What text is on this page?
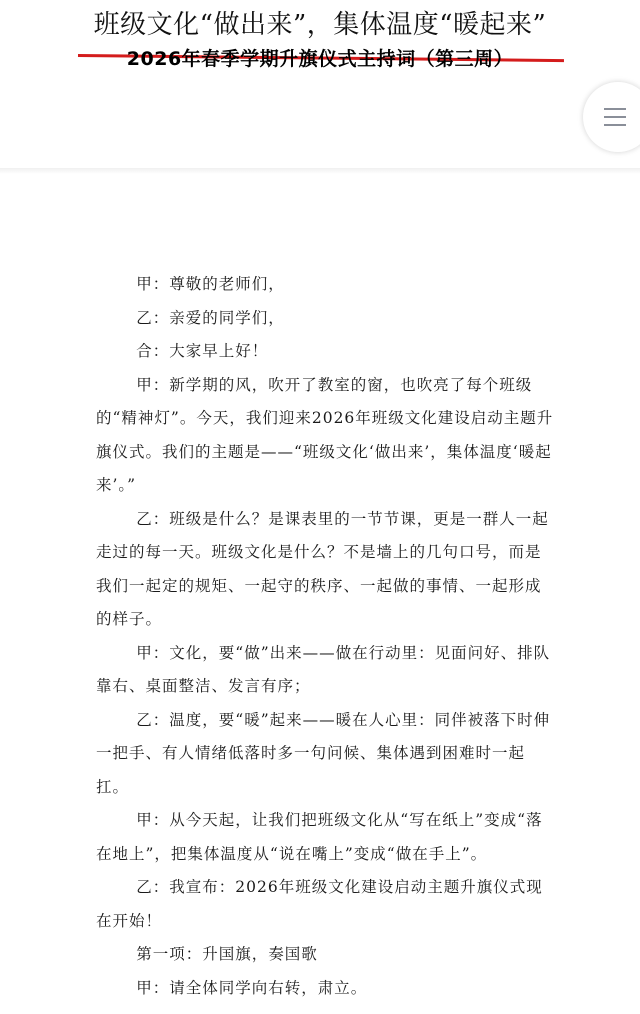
班级文化“做出来”，集体温度“暖起来”
2026年春季学期升旗仪式主持词（第三周）

甲：尊敬的老师们，

乙：亲爱的同学们，

合：大家早上好！

甲：新学期的风，吹开了教室的窗，也吹亮了每个班级的“精神灯”。今天，我们迎来2026年班级文化建设启动主题升旗仪式。我们的主题是——“班级文化‘做出来’，集体温度‘暖起来’。”

乙：班级是什么？是课表里的一节节课，更是一群人一起走过的每一天。班级文化是什么？不是墙上的几句口号，而是我们一起定的规矩、一起守的秩序、一起做的事情、一起形成的样子。

甲：文化，要“做”出来——做在行动里：见面问好、排队靠右、桌面整洁、发言有序；

乙：温度，要“暖”起来——暖在人心里：同伴被落下时伸一把手、有人情绪低落时多一句问候、集体遇到困难时一起扛。

甲：从今天起，让我们把班级文化从“写在纸上”变成“落在地上”，把集体温度从“说在嘴上”变成“做在手上”。

乙：我宣布：2026年班级文化建设启动主题升旗仪式现在开始！

第一项：升国旗，奏国歌

甲：请全体同学向右转，肃立。
